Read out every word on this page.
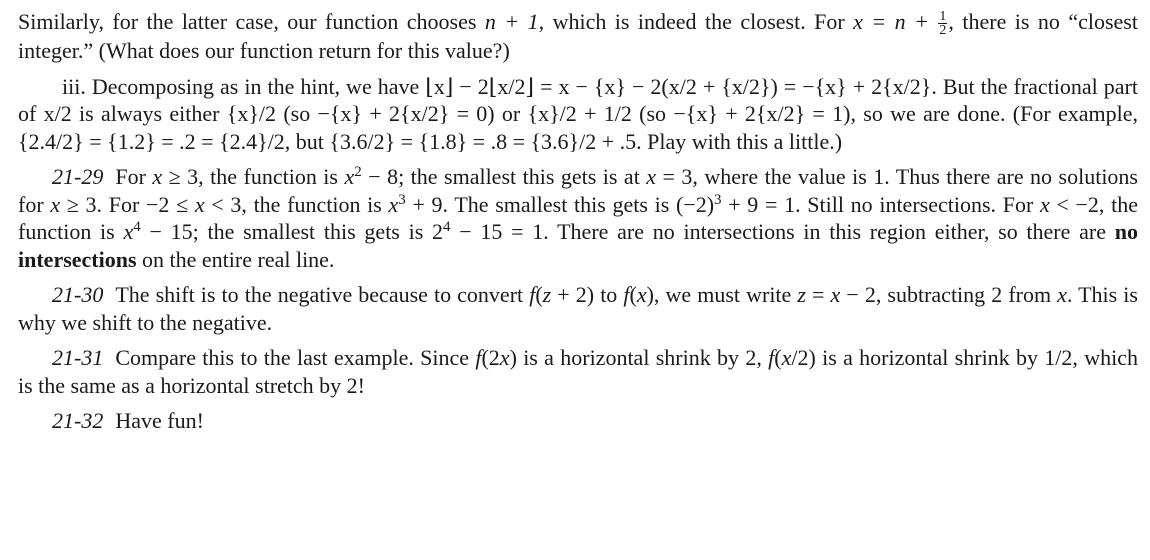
Similarly, for the latter case, our function chooses n + 1, which is indeed the closest. For $x = n + \frac{1}{2}$ , there is no “closest integer.” (What does our function return for this value?)

iii. Decomposing as in the hint, we have ⌊x⌋ − 2⌊x/2⌋ = x − {x} − 2(x/2 + {x/2}) = −{x} + 2{x/2}. But the fractional part of x/2 is always either {x}/2 (so −{x} + 2{x/2} = 0) or {x}/2 + 1/2 (so −{x} + 2{x/2} = 1), so we are done. (For example, {2.4/2} = {1.2} = .2 = {2.4}/2, but {3.6/2} = {1.8} = .8 = {3.6}/2 + .5. Play with this a little.)

21-29 For x ≥ 3, the function is $x^2 - 8$; the smallest this gets is at x = 3, where the value is 1. Thus there are no solutions for x ≥ 3. For −2 ≤ x < 3, the function is $x^3 + 9$. The smallest this gets is $(-2)^3 + 9 = 1$. Still no intersections. For x < −2, the function is $x^4 - 15$; the smallest this gets is $2^4 - 15 = 1$. There are no intersections in this region either, so there are no intersections on the entire real line.

21-30 The shift is to the negative because to convert f(z + 2) to f(x), we must write z = x − 2, subtracting 2 from x. This is why we shift to the negative.

21-31 Compare this to the last example. Since f(2x) is a horizontal shrink by 2, f(x/2) is a horizontal shrink by 1/2, which is the same as a horizontal stretch by 2!

21-32 Have fun!
